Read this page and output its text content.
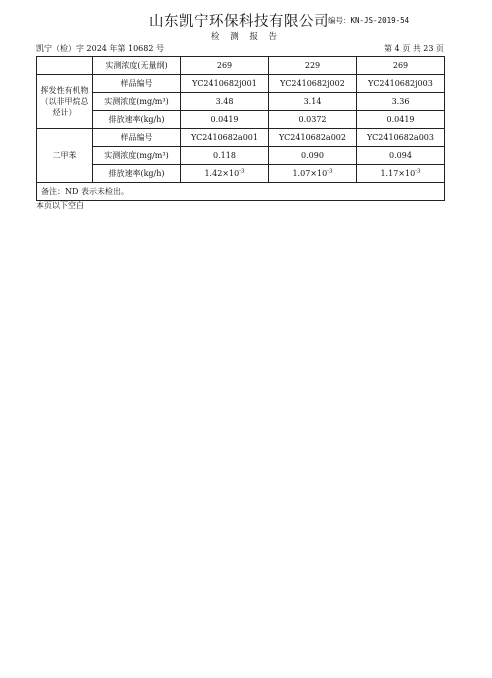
山东凯宁环保科技有限公司 编号：KN-JS-2019-54
检 测 报 告
凯宁（检）字 2024 年第 10682 号	第 4 页 共 23 页
	实测浓度(无量纲)	269	229	269
挥发性有机物（以非甲烷总烃计）	样品编号	YC2410682j001	YC2410682j002	YC2410682j003
	实测浓度(mg/m³)	3.48	3.14	3.36
	排放速率(kg/h)	0.0419	0.0372	0.0419
二甲苯	样品编号	YC2410682a001	YC2410682a002	YC2410682a003
	实测浓度(mg/m³)	0.118	0.090	0.094
	排放速率(kg/h)	$1.42\times 10^{-3}$	$1.07\times 10^{-3}$	$1.17\times 10^{-3}$
备注：ND 表示未检出。				
本页以下空白
